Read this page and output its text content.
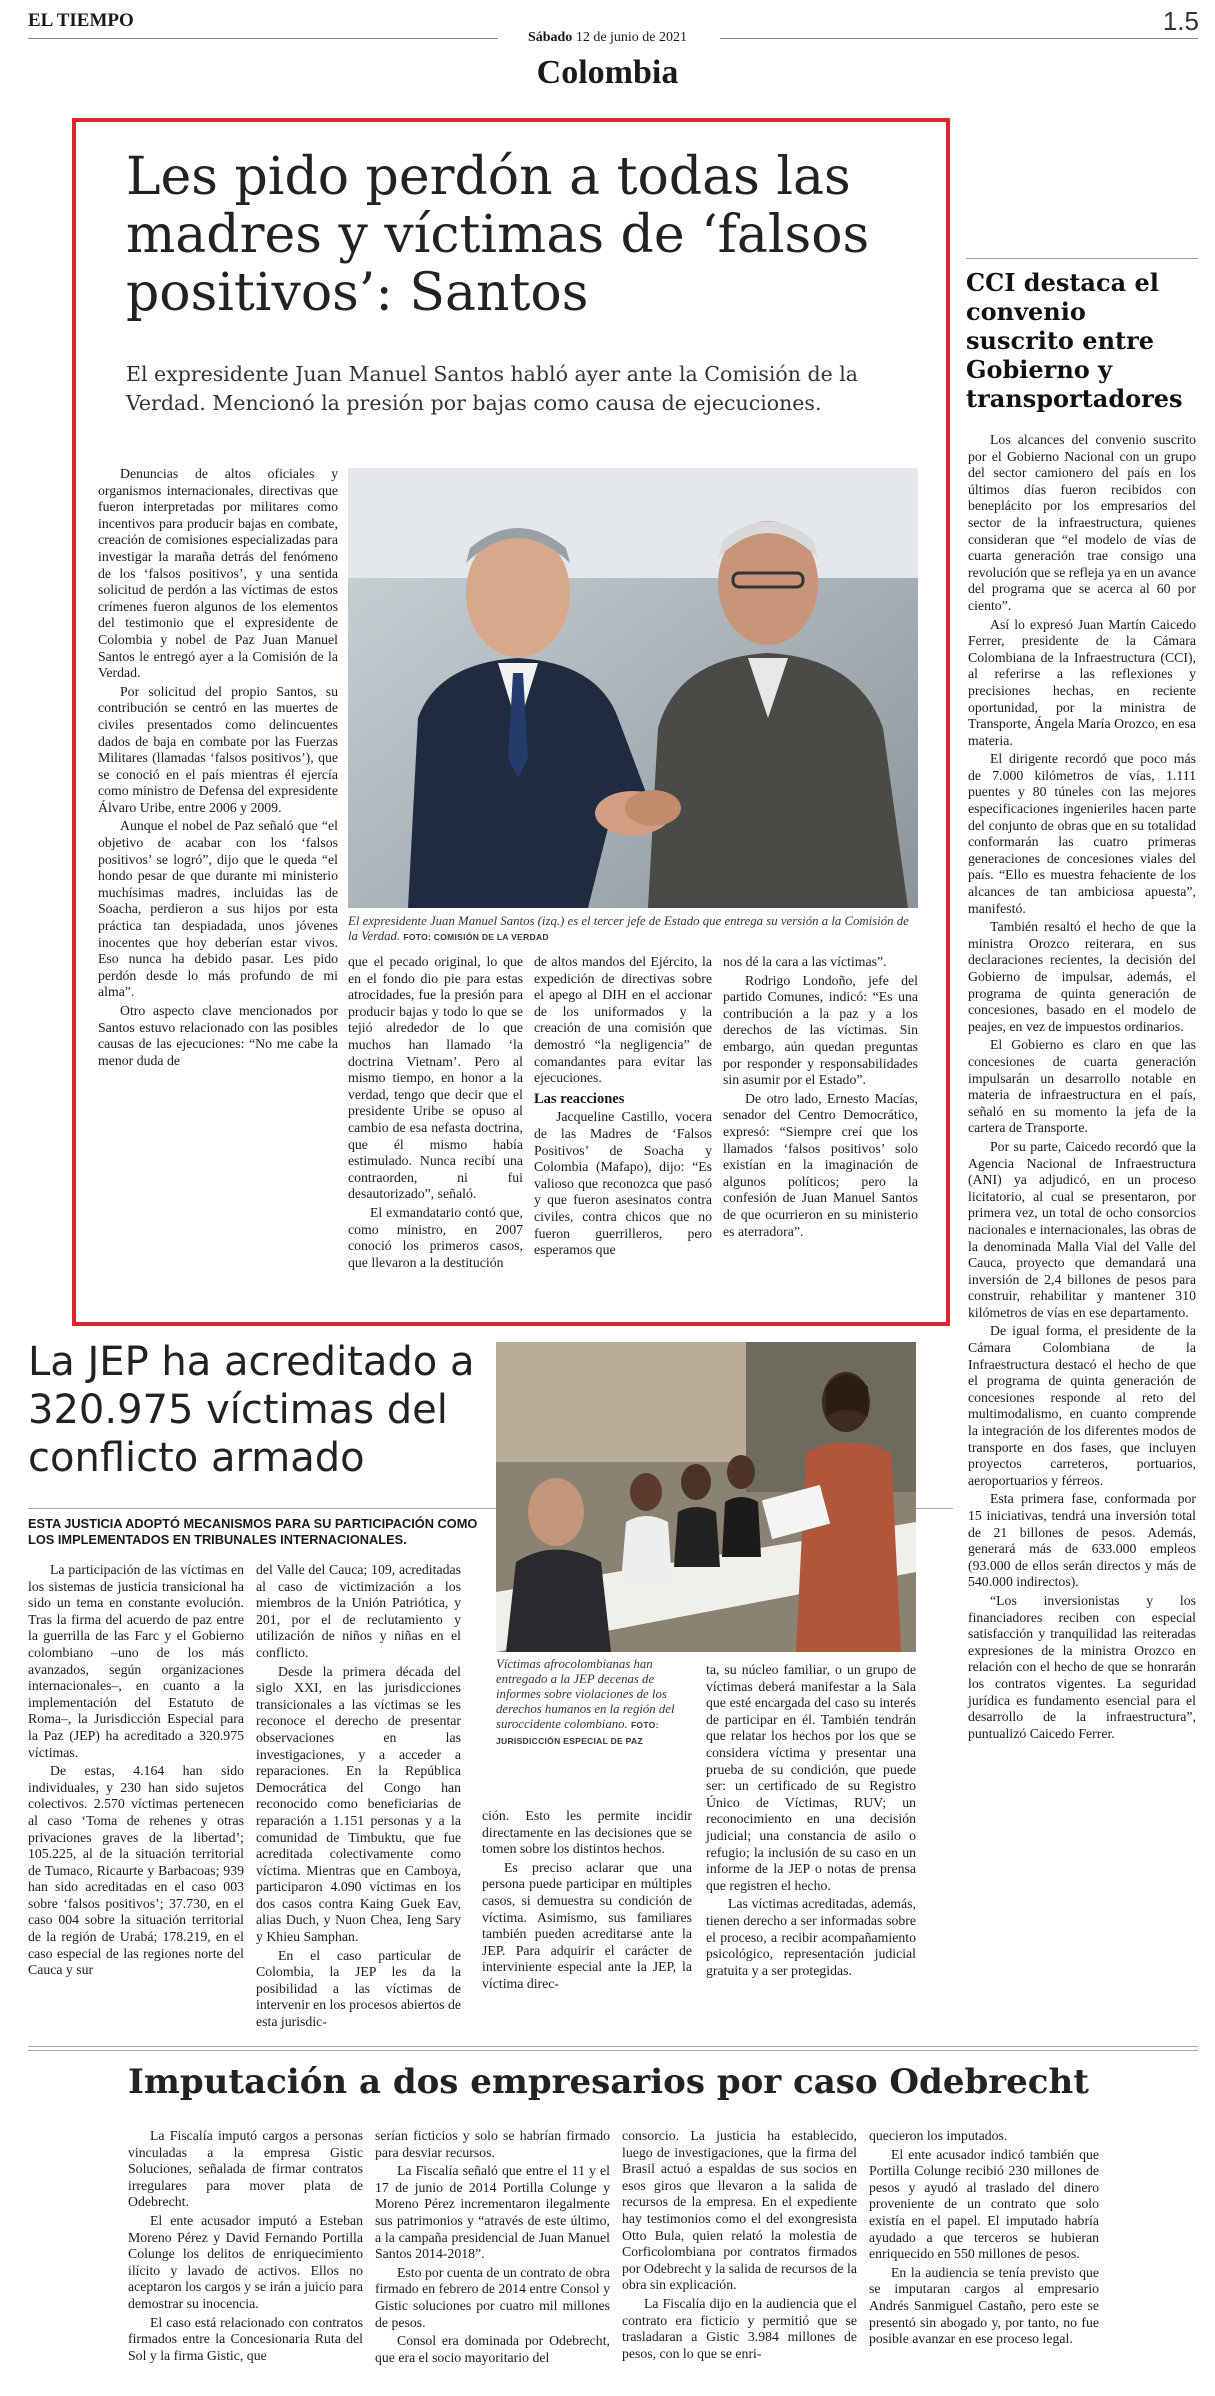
EL TIEMPO	1.5
Sábado 12 de junio de 2021
Colombia
Les pido perdón a todas las madres y víctimas de ‘falsos positivos’: Santos
El expresidente Juan Manuel Santos habló ayer ante la Comisión de la Verdad. Mencionó la presión por bajas como causa de ejecuciones.

Denuncias de altos oficiales y organismos internacionales, directivas que fueron interpretadas por militares como incentivos para producir bajas en combate, creación de comisiones especializadas para investigar la maraña detrás del fenómeno de los ‘falsos positivos’, y una sentida solicitud de perdón a las víctimas de estos crímenes fueron algunos de los elementos del testimonio que el expresidente de Colombia y nobel de Paz Juan Manuel Santos le entregó ayer a la Comisión de la Verdad.

Por solicitud del propio Santos, su contribución se centró en las muertes de civiles presentados como delincuentes dados de baja en combate por las Fuerzas Militares (llamadas ‘falsos positivos’), que se conoció en el país mientras él ejercía como ministro de Defensa del expresidente Álvaro Uribe, entre 2006 y 2009.

Aunque el nobel de Paz señaló que “el objetivo de acabar con los ‘falsos positivos’ se logró”, dijo que le queda “el hondo pesar de que durante mi ministerio muchísimas madres, incluidas las de Soacha, perdieron a sus hijos por esta práctica tan despiadada, unos jóvenes inocentes que hoy deberían estar vivos. Eso nunca ha debido pasar. Les pido perdón desde lo más profundo de mi alma”.

Otro aspecto clave mencionados por Santos estuvo relacionado con las posibles causas de las ejecuciones: “No me cabe la menor duda de

El expresidente Juan Manuel Santos (izq.) es el tercer jefe de Estado que entrega su versión a la Comisión de la Verdad. FOTO: COMISIÓN DE LA VERDAD

que el pecado original, lo que en el fondo dio pie para estas atrocidades, fue la presión para producir bajas y todo lo que se tejió alrededor de lo que muchos han llamado ‘la doctrina Vietnam’. Pero al mismo tiempo, en honor a la verdad, tengo que decir que el presidente Uribe se opuso al cambio de esa nefasta doctrina, que él mismo había estimulado. Nunca recibí una contraorden, ni fui desautorizado”, señaló.

El exmandatario contó que, como ministro, en 2007 conoció los primeros casos, que llevaron a la destitución

de altos mandos del Ejército, la expedición de directivas sobre el apego al DIH en el accionar de los uniformados y la creación de una comisión que demostró “la negligencia” de comandantes para evitar las ejecuciones.

Las reacciones

Jacqueline Castillo, vocera de las Madres de ‘Falsos Positivos’ de Soacha y Colombia (Mafapo), dijo: “Es valioso que reconozca que pasó y que fueron asesinatos contra civiles, contra chicos que no fueron guerrilleros, pero esperamos que

nos dé la cara a las víctimas”.

Rodrigo Londoño, jefe del partido Comunes, indicó: “Es una contribución a la paz y a los derechos de las víctimas. Sin embargo, aún quedan preguntas por responder y responsabilidades sin asumir por el Estado”.

De otro lado, Ernesto Macías, senador del Centro Democrático, expresó: “Siempre creí que los llamados ‘falsos positivos’ solo existían en la imaginación de algunos políticos; pero la confesión de Juan Manuel Santos de que ocurrieron en su ministerio es aterradora”.

CCI destaca el convenio suscrito entre Gobierno y transportadores

Los alcances del convenio suscrito por el Gobierno Nacional con un grupo del sector camionero del país en los últimos días fueron recibidos con beneplácito por los empresarios del sector de la infraestructura, quienes consideran que “el modelo de vías de cuarta generación trae consigo una revolución que se refleja ya en un avance del programa que se acerca al 60 por ciento”.

Así lo expresó Juan Martín Caicedo Ferrer, presidente de la Cámara Colombiana de la Infraestructura (CCI), al referirse a las reflexiones y precisiones hechas, en reciente oportunidad, por la ministra de Transporte, Ángela María Orozco, en esa materia.

El dirigente recordó que poco más de 7.000 kilómetros de vías, 1.111 puentes y 80 túneles con las mejores especificaciones ingenieriles hacen parte del conjunto de obras que en su totalidad conformarán las cuatro primeras generaciones de concesiones viales del país. “Ello es muestra fehaciente de los alcances de tan ambiciosa apuesta”, manifestó.

También resaltó el hecho de que la ministra Orozco reiterara, en sus declaraciones recientes, la decisión del Gobierno de impulsar, además, el programa de quinta generación de concesiones, basado en el modelo de peajes, en vez de impuestos ordinarios.

El Gobierno es claro en que las concesiones de cuarta generación impulsarán un desarrollo notable en materia de infraestructura en el país, señaló en su momento la jefa de la cartera de Transporte.

Por su parte, Caicedo recordó que la Agencia Nacional de Infraestructura (ANI) ya adjudicó, en un proceso licitatorio, al cual se presentaron, por primera vez, un total de ocho consorcios nacionales e internacionales, las obras de la denominada Malla Vial del Valle del Cauca, proyecto que demandará una inversión de 2,4 billones de pesos para construir, rehabilitar y mantener 310 kilómetros de vías en ese departamento.

De igual forma, el presidente de la Cámara Colombiana de la Infraestructura destacó el hecho de que el programa de quinta generación de concesiones responde al reto del multimodalismo, en cuanto comprende la integración de los diferentes modos de transporte en dos fases, que incluyen proyectos carreteros, portuarios, aeroportuarios y férreos.

Esta primera fase, conformada por 15 iniciativas, tendrá una inversión total de 21 billones de pesos. Además, generará más de 633.000 empleos (93.000 de ellos serán directos y más de 540.000 indirectos).

“Los inversionistas y los financiadores reciben con especial satisfacción y tranquilidad las reiteradas expresiones de la ministra Orozco en relación con el hecho de que se honrarán los contratos vigentes. La seguridad jurídica es fundamento esencial para el desarrollo de la infraestructura”, puntualizó Caicedo Ferrer.

La JEP ha acreditado a 320.975 víctimas del conflicto armado
ESTA JUSTICIA ADOPTÓ MECANISMOS PARA SU PARTICIPACIÓN COMO LOS IMPLEMENTADOS EN TRIBUNALES INTERNACIONALES.
Víctimas afrocolombianas han entregado a la JEP decenas de informes sobre violaciones de los derechos humanos en la región del suroccidente colombiano. FOTO: JURISDICCIÓN ESPECIAL DE PAZ

La participación de las víctimas en los sistemas de justicia transicional ha sido un tema en constante evolución. Tras la firma del acuerdo de paz entre la guerrilla de las Farc y el Gobierno colombiano –uno de los más avanzados, según organizaciones internacionales–, en cuanto a la implementación del Estatuto de Roma–, la Jurisdicción Especial para la Paz (JEP) ha acreditado a 320.975 víctimas.

De estas, 4.164 han sido individuales, y 230 han sido sujetos colectivos. 2.570 víctimas pertenecen al caso ‘Toma de rehenes y otras privaciones graves de la libertad’; 105.225, al de la situación territorial de Tumaco, Ricaurte y Barbacoas; 939 han sido acreditadas en el caso 003 sobre ‘falsos positivos’; 37.730, en el caso 004 sobre la situación territorial de la región de Urabá; 178.219, en el caso especial de las regiones norte del Cauca y sur

del Valle del Cauca; 109, acreditadas al caso de victimización a los miembros de la Unión Patriótica, y 201, por el de reclutamiento y utilización de niños y niñas en el conflicto.

Desde la primera década del siglo XXI, en las jurisdicciones transicionales a las víctimas se les reconoce el derecho de presentar observaciones en las investigaciones, y a acceder a reparaciones. En la República Democrática del Congo han reconocido como beneficiarias de reparación a 1.151 personas y a la comunidad de Timbuktu, que fue acreditada colectivamente como víctima. Mientras que en Camboya, participaron 4.090 víctimas en los dos casos contra Kaing Guek Eav, alias Duch, y Nuon Chea, Ieng Sary y Khieu Samphan.

En el caso particular de Colombia, la JEP les da la posibilidad a las víctimas de intervenir en los procesos abiertos de esta jurisdic-

ción. Esto les permite incidir directamente en las decisiones que se tomen sobre los distintos hechos.

Es preciso aclarar que una persona puede participar en múltiples casos, si demuestra su condición de víctima. Asimismo, sus familiares también pueden acreditarse ante la JEP. Para adquirir el carácter de interviniente especial ante la JEP, la víctima direc-

ta, su núcleo familiar, o un grupo de víctimas deberá manifestar a la Sala que esté encargada del caso su interés de participar en él. También tendrán que relatar los hechos por los que se considera víctima y presentar una prueba de su condición, que puede ser: un certificado de su Registro Único de Víctimas, RUV; un reconocimiento en una decisión judicial; una constancia de asilo o refugio; la inclusión de su caso en un informe de la JEP o notas de prensa que registren el hecho.

Las víctimas acreditadas, además, tienen derecho a ser informadas sobre el proceso, a recibir acompañamiento psicológico, representación judicial gratuita y a ser protegidas.

Imputación a dos empresarios por caso Odebrecht

La Fiscalía imputó cargos a personas vinculadas a la empresa Gistic Soluciones, señalada de firmar contratos irregulares para mover plata de Odebrecht.

El ente acusador imputó a Esteban Moreno Pérez y David Fernando Portilla Colunge los delitos de enriquecimiento ilícito y lavado de activos. Ellos no aceptaron los cargos y se irán a juicio para demostrar su inocencia.

El caso está relacionado con contratos firmados entre la Concesionaria Ruta del Sol y la firma Gistic, que

serían ficticios y solo se habrían firmado para desviar recursos.

La Fiscalía señaló que entre el 11 y el 17 de junio de 2014 Portilla Colunge y Moreno Pérez incrementaron ilegalmente sus patrimonios y “através de este último, a la campaña presidencial de Juan Manuel Santos 2014-2018”.

Esto por cuenta de un contrato de obra firmado en febrero de 2014 entre Consol y Gistic soluciones por cuatro mil millones de pesos.

Consol era dominada por Odebrecht, que era el socio mayoritario del

consorcio. La justicia ha establecido, luego de investigaciones, que la firma del Brasil actuó a espaldas de sus socios en esos giros que llevaron a la salida de recursos de la empresa. En el expediente hay testimonios como el del exongresista Otto Bula, quien relató la molestia de Corficolombiana por contratos firmados por Odebrecht y la salida de recursos de la obra sin explicación.

La Fiscalía dijo en la audiencia que el contrato era ficticio y permitió que se trasladaran a Gistic 3.984 millones de pesos, con lo que se enri-

quecieron los imputados.

El ente acusador indicó también que Portilla Colunge recibió 230 millones de pesos y ayudó al traslado del dinero proveniente de un contrato que solo existía en el papel. El imputado habría ayudado a que terceros se hubieran enriquecido en 550 millones de pesos.

En la audiencia se tenía previsto que se imputaran cargos al empresario Andrés Sanmiguel Castaño, pero este se presentó sin abogado y, por tanto, no fue posible avanzar en ese proceso legal.
